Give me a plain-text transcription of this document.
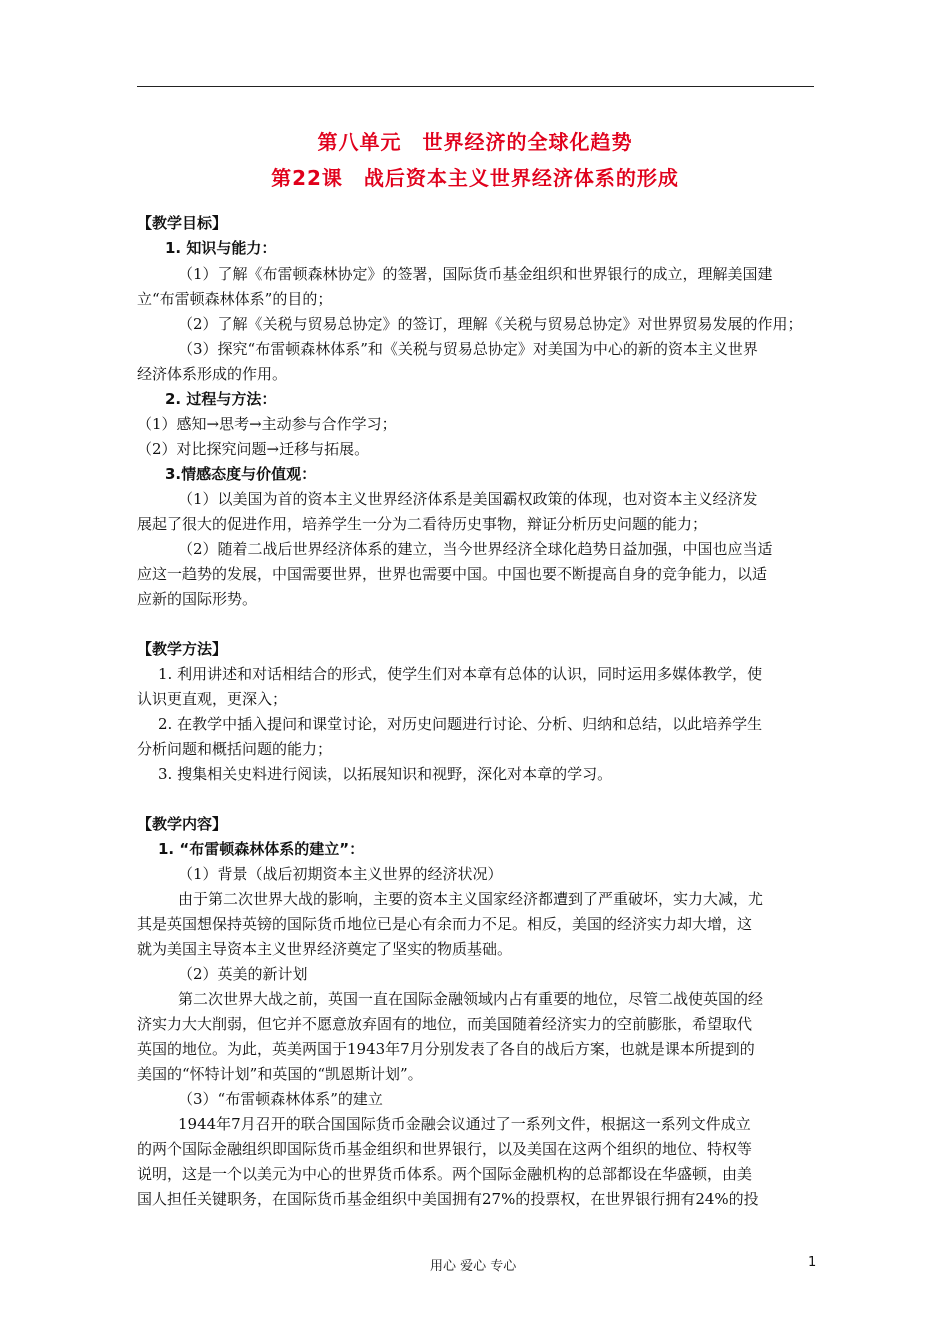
第八单元　世界经济的全球化趋势
第22课　战后资本主义世界经济体系的形成
【教学目标】
1. 知识与能力：
（1）了解《布雷顿森林协定》的签署，国际货币基金组织和世界银行的成立，理解美国建
立“布雷顿森林体系”的目的；
（2）了解《关税与贸易总协定》的签订，理解《关税与贸易总协定》对世界贸易发展的作用；
（3）探究“布雷顿森林体系”和《关税与贸易总协定》对美国为中心的新的资本主义世界
经济体系形成的作用。
2. 过程与方法：
（1）感知→思考→主动参与合作学习；
（2）对比探究问题→迁移与拓展。
3.情感态度与价值观：
（1）以美国为首的资本主义世界经济体系是美国霸权政策的体现，也对资本主义经济发
展起了很大的促进作用，培养学生一分为二看待历史事物，辩证分析历史问题的能力；
（2）随着二战后世界经济体系的建立，当今世界经济全球化趋势日益加强，中国也应当适
应这一趋势的发展，中国需要世界，世界也需要中国。中国也要不断提高自身的竞争能力，以适
应新的国际形势。
【教学方法】
1. 利用讲述和对话相结合的形式，使学生们对本章有总体的认识，同时运用多媒体教学，使
认识更直观，更深入；
2. 在教学中插入提问和课堂讨论，对历史问题进行讨论、分析、归纳和总结，以此培养学生
分析问题和概括问题的能力；
3. 搜集相关史料进行阅读，以拓展知识和视野，深化对本章的学习。
【教学内容】
1. “布雷顿森林体系的建立”：
（1）背景（战后初期资本主义世界的经济状况）
由于第二次世界大战的影响，主要的资本主义国家经济都遭到了严重破坏，实力大减，尤
其是英国想保持英镑的国际货币地位已是心有余而力不足。相反，美国的经济实力却大增，这
就为美国主导资本主义世界经济奠定了坚实的物质基础。
（2）英美的新计划
第二次世界大战之前，英国一直在国际金融领域内占有重要的地位，尽管二战使英国的经
济实力大大削弱，但它并不愿意放弃固有的地位，而美国随着经济实力的空前膨胀，希望取代
英国的地位。为此，英美两国于1943年7月分别发表了各自的战后方案，也就是课本所提到的
美国的“怀特计划”和英国的“凯恩斯计划”。
（3）“布雷顿森林体系”的建立
1944年7月召开的联合国国际货币金融会议通过了一系列文件，根据这一系列文件成立
的两个国际金融组织即国际货币基金组织和世界银行，以及美国在这两个组织的地位、特权等
说明，这是一个以美元为中心的世界货币体系。两个国际金融机构的总部都设在华盛顿，由美
国人担任关键职务，在国际货币基金组织中美国拥有27%的投票权，在世界银行拥有24%的投
用心 爱心 专心	1
